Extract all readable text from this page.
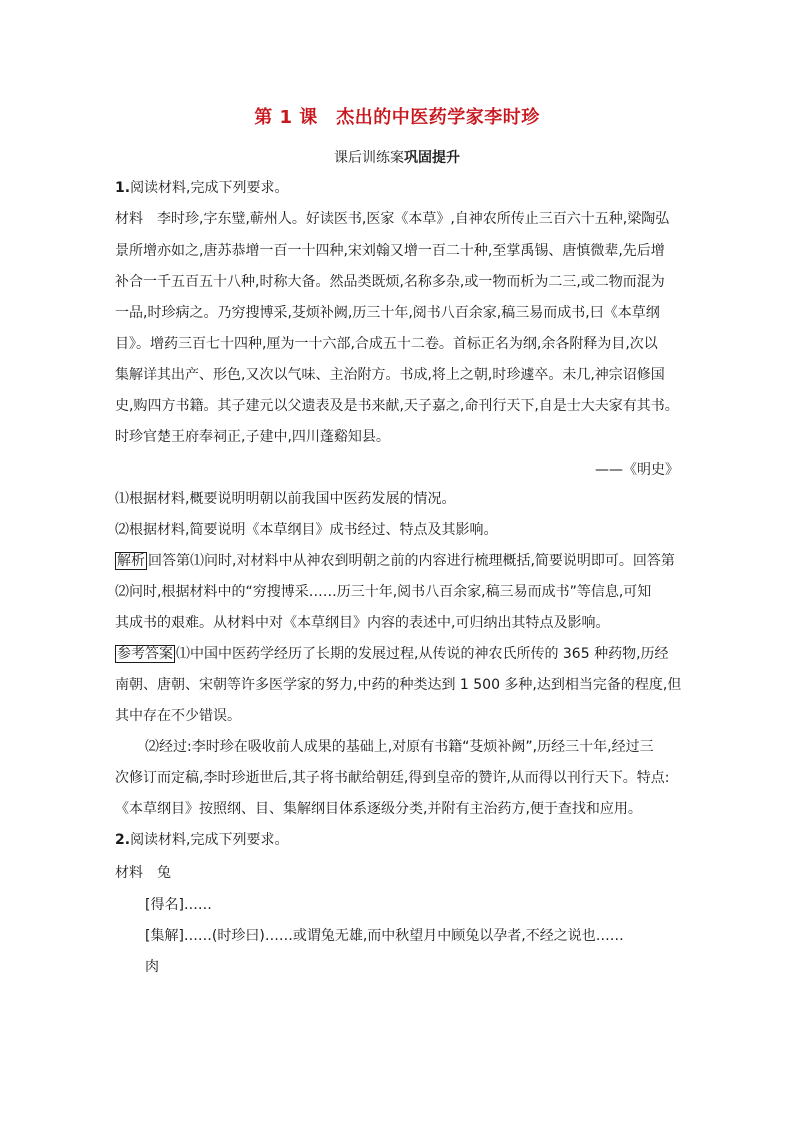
第 1 课　杰出的中医药学家李时珍
课后训练案巩固提升
1.阅读材料,完成下列要求。
材料　李时珍,字东璧,蕲州人。好读医书,医家《本草》,自神农所传止三百六十五种,梁陶弘
景所增亦如之,唐苏恭增一百一十四种,宋刘翰又增一百二十种,至掌禹锡、唐慎微辈,先后增
补合一千五百五十八种,时称大备。然品类既烦,名称多杂,或一物而析为二三,或二物而混为
一品,时珍病之。乃穷搜博采,芟烦补阙,历三十年,阅书八百余家,稿三易而成书,曰《本草纲
目》。增药三百七十四种,厘为一十六部,合成五十二卷。首标正名为纲,余各附释为目,次以
集解详其出产、形色,又次以气味、主治附方。书成,将上之朝,时珍遽卒。未几,神宗诏修国
史,购四方书籍。其子建元以父遗表及是书来献,天子嘉之,命刊行天下,自是士大夫家有其书。
时珍官楚王府奉祠正,子建中,四川蓬谿知县。
——《明史》
⑴根据材料,概要说明明朝以前我国中医药发展的情况。
⑵根据材料,简要说明《本草纲目》成书经过、特点及其影响。
解析 回答第⑴问时,对材料中从神农到明朝之前的内容进行梳理概括,简要说明即可。回答第
⑵问时,根据材料中的“穷搜博采……历三十年,阅书八百余家,稿三易而成书”等信息,可知
其成书的艰难。从材料中对《本草纲目》内容的表述中,可归纳出其特点及影响。
参考答案 ⑴中国中医药学经历了长期的发展过程,从传说的神农氏所传的 365 种药物,历经
南朝、唐朝、宋朝等许多医学家的努力,中药的种类达到 1 500 多种,达到相当完备的程度,但
其中存在不少错误。
⑵经过:李时珍在吸收前人成果的基础上,对原有书籍“芟烦补阙”,历经三十年,经过三
次修订而定稿,李时珍逝世后,其子将书献给朝廷,得到皇帝的赞许,从而得以刊行天下。特点:
《本草纲目》按照纲、目、集解纲目体系逐级分类,并附有主治药方,便于查找和应用。
2.阅读材料,完成下列要求。
材料　兔
[得名]……
[集解]……(时珍曰)……或谓兔无雄,而中秋望月中顾兔以孕者,不经之说也……
肉
